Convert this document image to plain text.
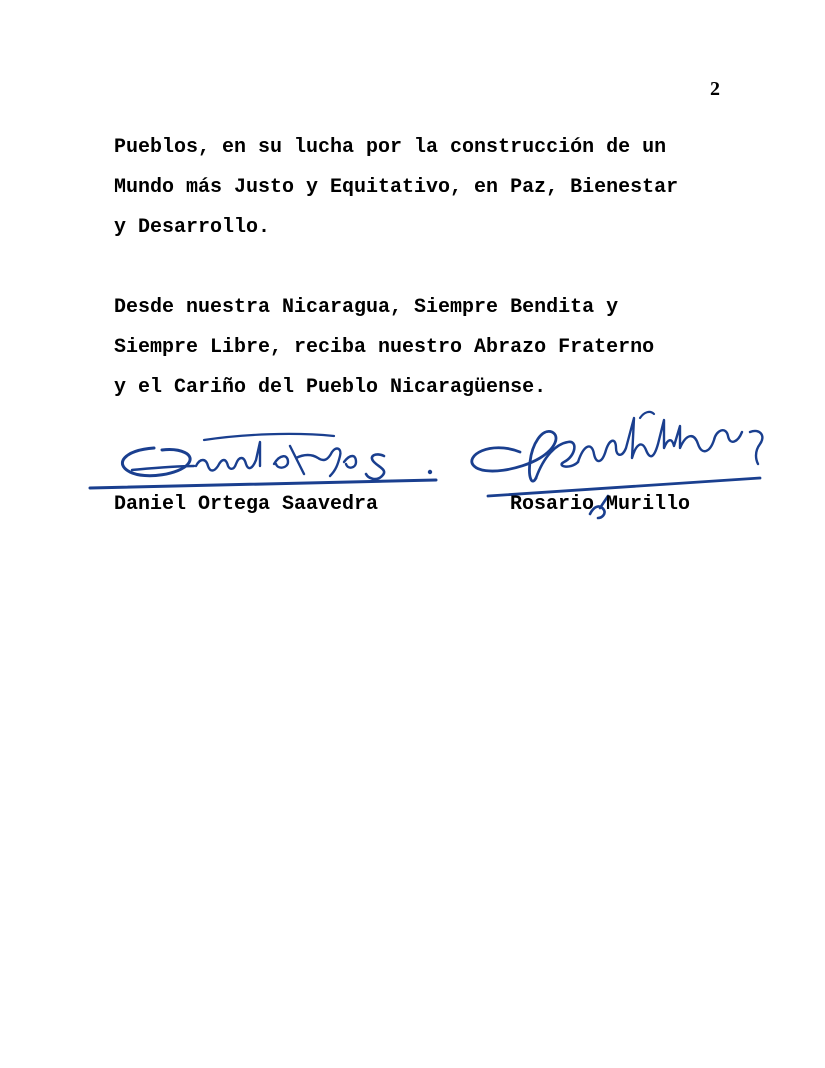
2
Pueblos, en su lucha por la construcción de un
Mundo más Justo y Equitativo, en Paz, Bienestar
y Desarrollo.
Desde nuestra Nicaragua, Siempre Bendita y
Siempre Libre, reciba nuestro Abrazo Fraterno
y el Cariño del Pueblo Nicaragüense.
Daniel Ortega Saavedra	Rosario Murillo
